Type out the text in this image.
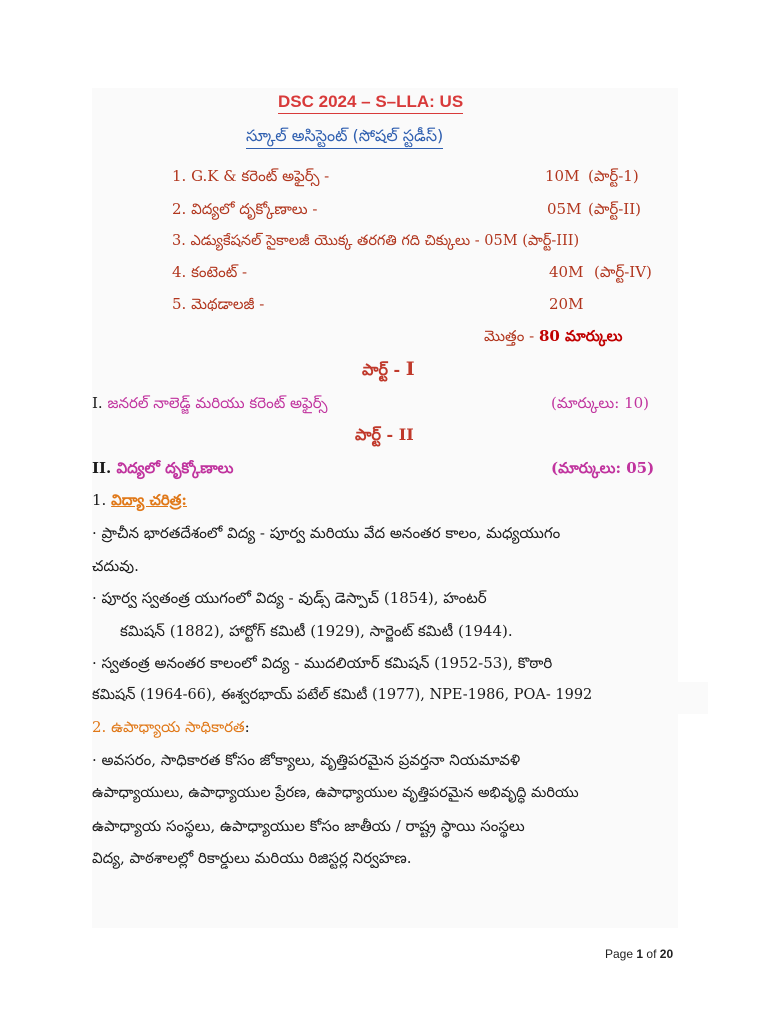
DSC 2024 – S–LLA: US
స్కూల్ అసిస్టెంట్ (సోషల్ స్టడీస్)
1. G.K & కరెంట్ అఫైర్స్ -	10M (పార్ట్-1)
2. విద్యలో దృక్కోణాలు -	05M (పార్ట్-II)
3. ఎడ్యుకేషనల్ సైకాలజీ యొక్క తరగతి గది చిక్కులు - 05M (పార్ట్-III)
4. కంటెంట్ -	40M (పార్ట్-IV)
5. మెథడాలజీ -	20M
మొత్తం - 80 మార్కులు
పార్ట్ - I
I. జనరల్ నాలెడ్జ్ మరియు కరెంట్ అఫైర్స్	(మార్కులు: 10)
పార్ట్ - II
II. విద్యలో దృక్కోణాలు	(మార్కులు: 05)
1. విద్యా చరిత్ర:
· ప్రాచీన భారతదేశంలో విద్య - పూర్వ మరియు వేద అనంతర కాలం, మధ్యయుగం
చదువు.
· పూర్వ స్వతంత్ర యుగంలో విద్య - వుడ్స్ డెస్పాచ్ (1854), హంటర్
కమిషన్ (1882), హార్టోగ్ కమిటీ (1929), సార్జెంట్ కమిటీ (1944).
· స్వతంత్ర అనంతర కాలంలో విద్య - ముదలియార్ కమిషన్ (1952-53), కొఠారి
కమిషన్ (1964-66), ఈశ్వరభాయ్ పటేల్ కమిటీ (1977), NPE-1986, POA- 1992
2. ఉపాధ్యాయ సాధికారత:
· అవసరం, సాధికారత కోసం జోక్యాలు, వృత్తిపరమైన ప్రవర్తనా నియమావళి
ఉపాధ్యాయులు, ఉపాధ్యాయుల ప్రేరణ, ఉపాధ్యాయుల వృత్తిపరమైన అభివృద్ధి మరియు
ఉపాధ్యాయ సంస్థలు, ఉపాధ్యాయుల కోసం జాతీయ / రాష్ట్ర స్థాయి సంస్థలు
విద్య, పాఠశాలల్లో రికార్డులు మరియు రిజిస్టర్ల నిర్వహణ.
Page 1 of 20
